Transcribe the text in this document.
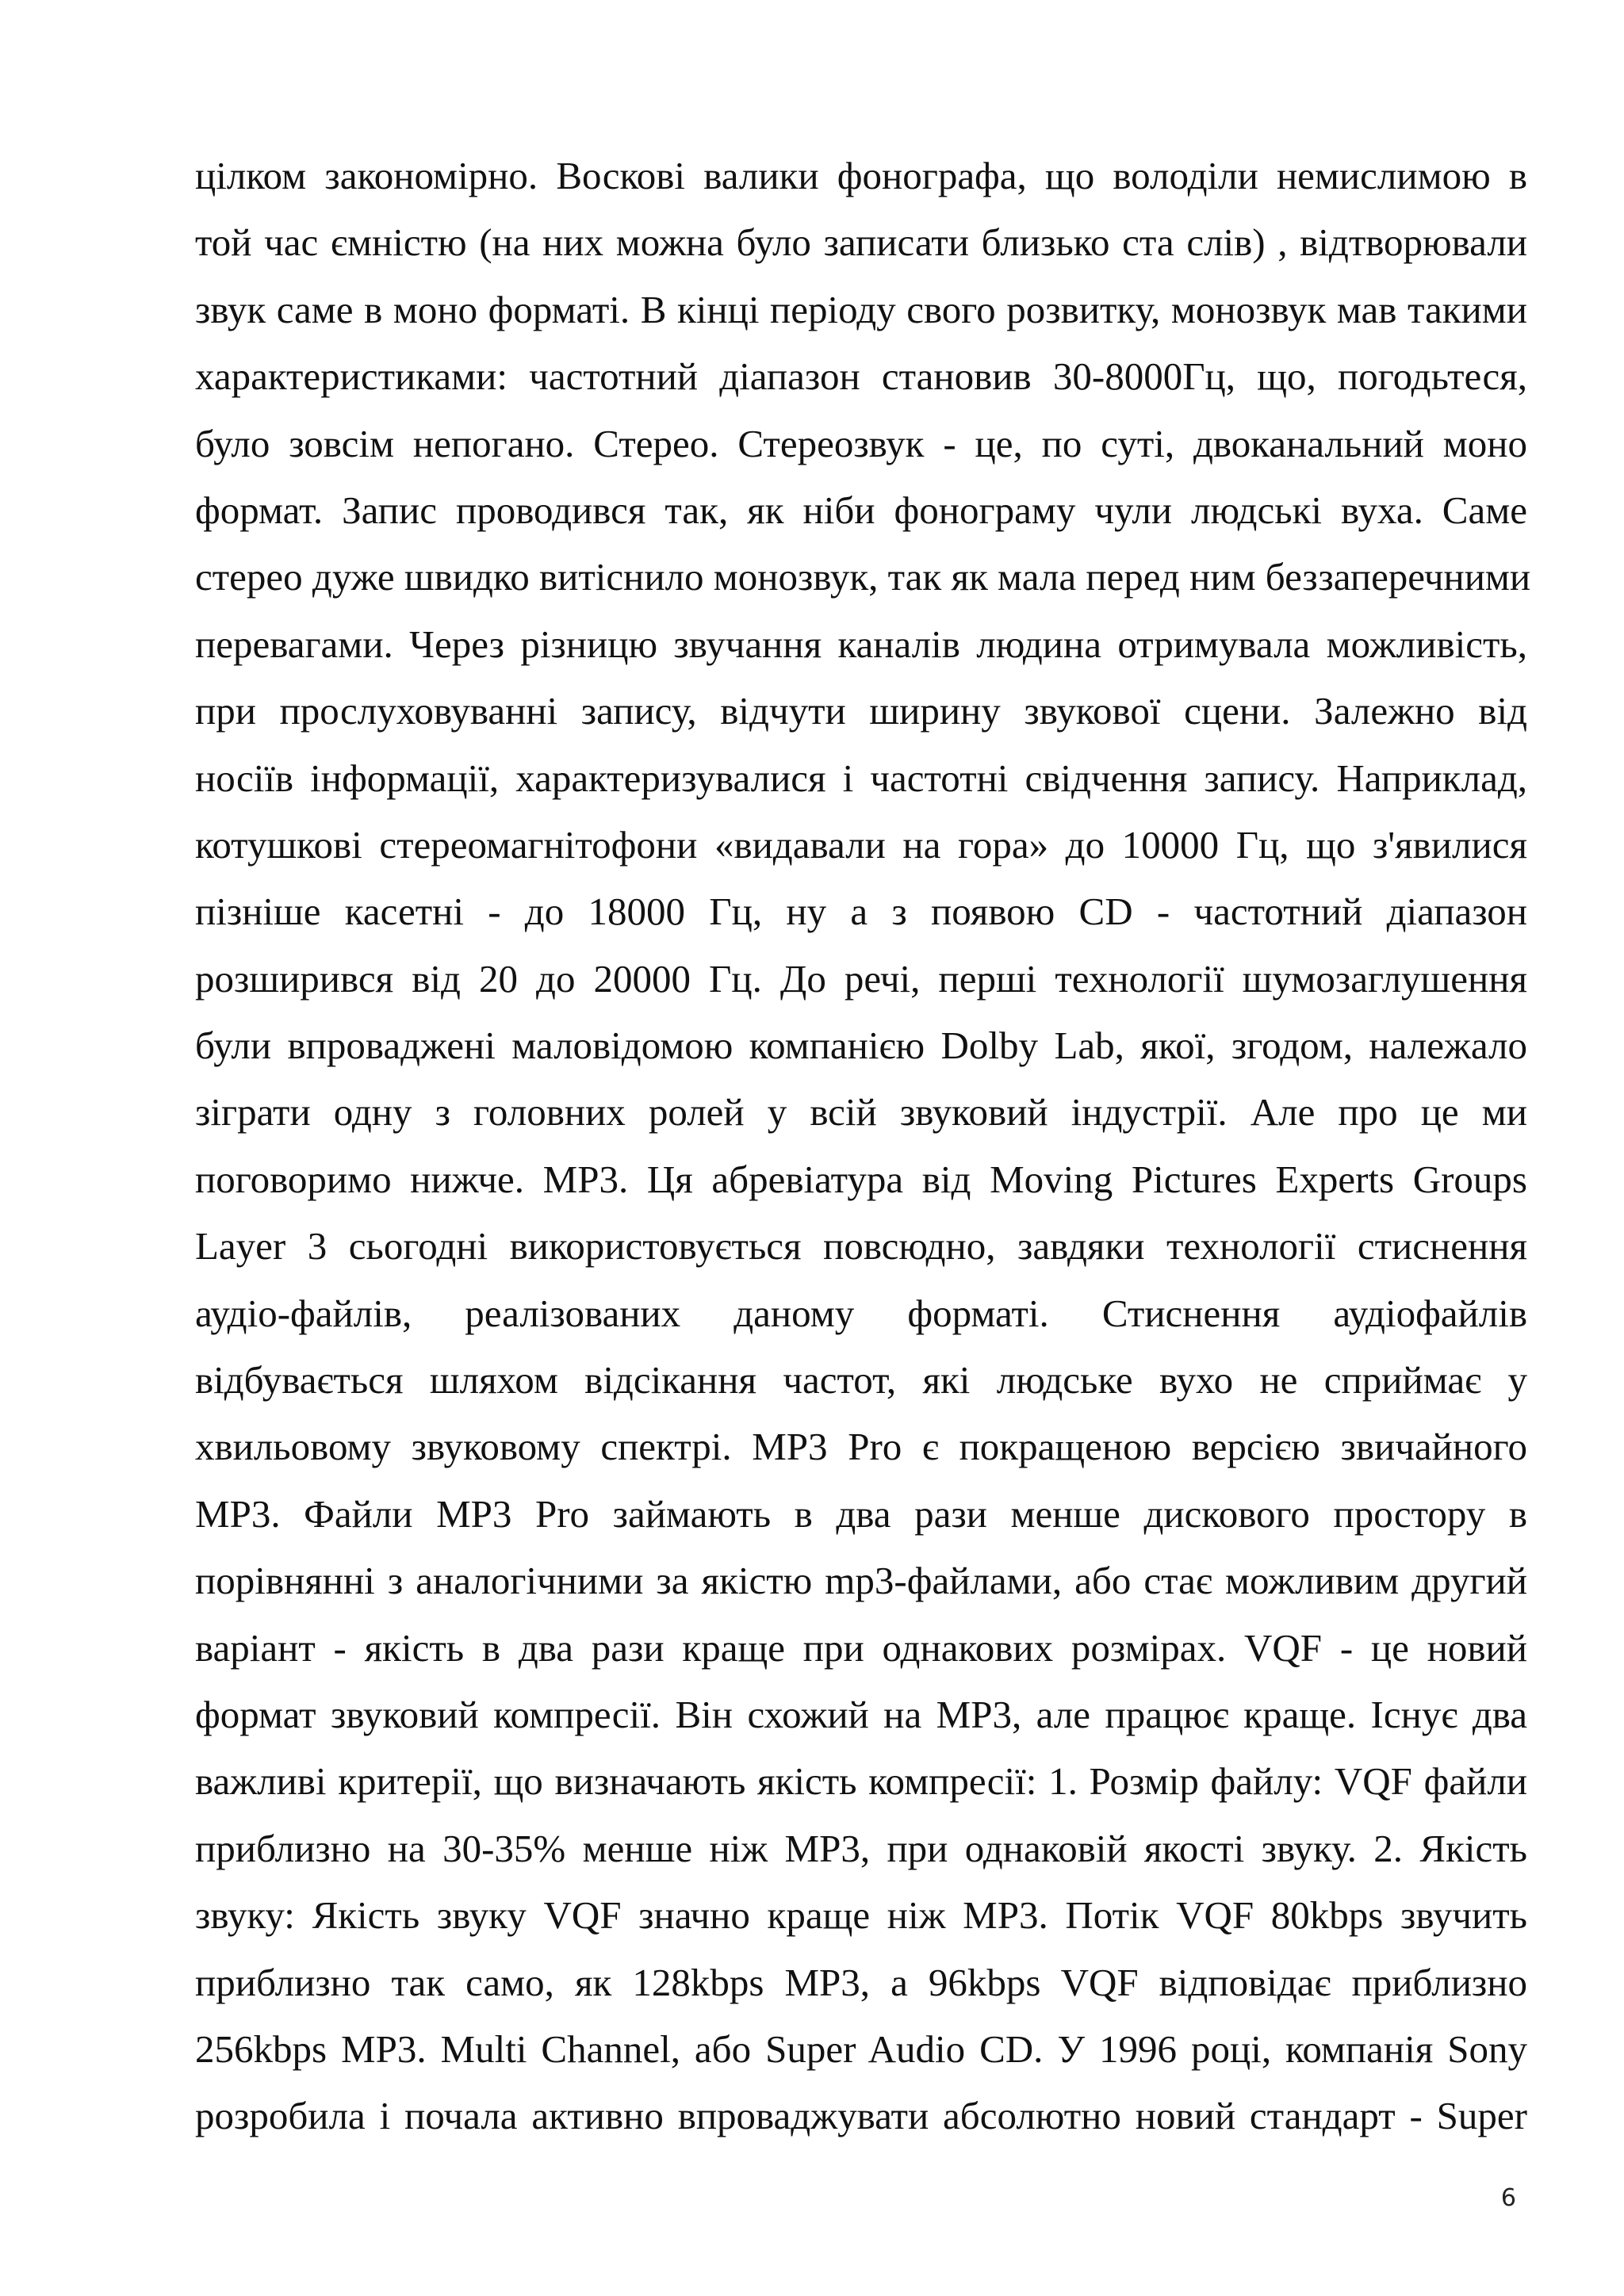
цілком закономірно. Воскові валики фонографа, що володіли немислимою в
той час ємністю (на них можна було записати близько ста слів) , відтворювали
звук саме в моно форматі. В кінці періоду свого розвитку, монозвук мав такими
характеристиками: частотний діапазон становив 30-8000Гц, що, погодьтеся,
було зовсім непогано. Стерео. Стереозвук - це, по суті, двоканальний моно
формат. Запис проводився так, як ніби фонограму чули людські вуха. Саме
стерео дуже швидко витіснило монозвук, так як мала перед ним беззаперечними
перевагами. Через різницю звучання каналів людина отримувала можливість,
при прослуховуванні запису, відчути ширину звукової сцени. Залежно від
носіїв інформації, характеризувалися і частотні свідчення запису. Наприклад,
котушкові стереомагнітофони «видавали на гора» до 10000 Гц, що з'явилися
пізніше касетні - до 18000 Гц, ну а з появою CD - частотний діапазон
розширився від 20 до 20000 Гц. До речі, перші технології шумозаглушення
були впроваджені маловідомою компанією Dolby Lab, якої, згодом, належало
зіграти одну з головних ролей у всій звуковий індустрії. Але про це ми
поговоримо нижче. MP3. Ця абревіатура від Moving Pictures Experts Groups
Layer 3 сьогодні використовується повсюдно, завдяки технології стиснення
аудіо-файлів, реалізованих даному форматі. Стиснення аудіофайлів
відбувається шляхом відсікання частот, які людське вухо не сприймає у
хвильовому звуковому спектрі. MP3 Pro є покращеною версією звичайного
MP3. Файли MP3 Pro займають в два рази менше дискового простору в
порівнянні з аналогічними за якістю mp3-файлами, або стає можливим другий
варіант - якість в два рази краще при однакових розмірах. VQF - це новий
формат звуковий компресії. Він схожий на MP3, але працює краще. Існує два
важливі критерії, що визначають якість компресії: 1. Розмір файлу: VQF файли
приблизно на 30-35% менше ніж MP3, при однаковій якості звуку. 2. Якість
звуку: Якість звуку VQF значно краще ніж MP3. Потік VQF 80kbps звучить
приблизно так само, як 128kbps MP3, а 96kbps VQF відповідає приблизно
256kbps MP3. Multi Channel, або Super Audio CD. У 1996 році, компанія Sony
розробила і почала активно впроваджувати абсолютно новий стандарт - Super
6
